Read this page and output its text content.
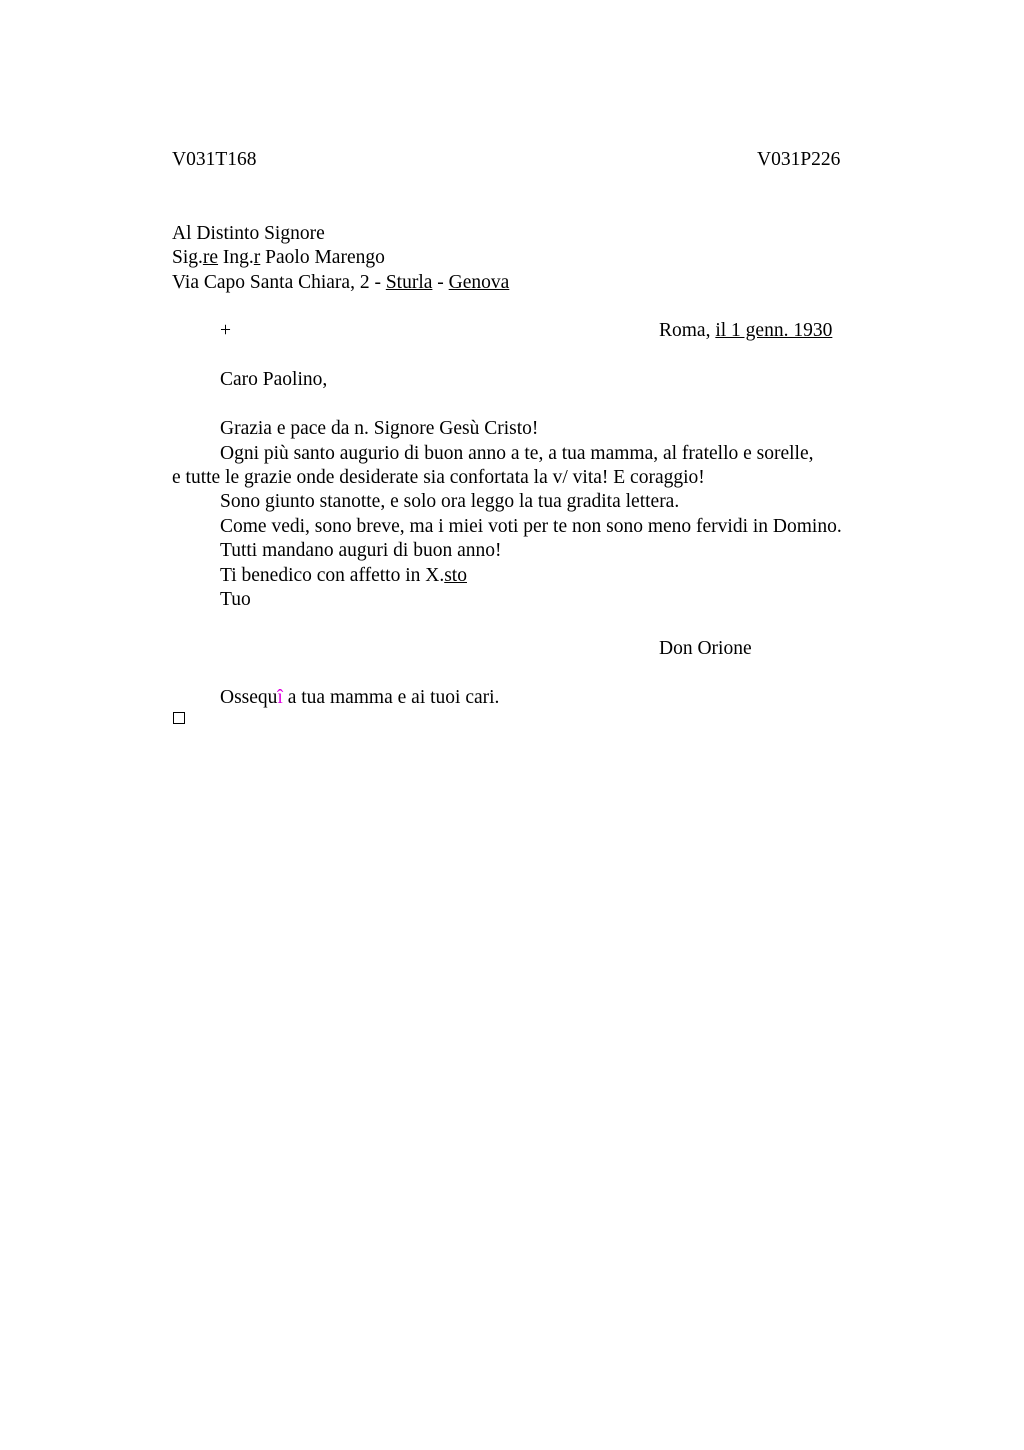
V031T168	V031P226
Al Distinto Signore
Sig.re Ing.r Paolo Marengo
Via Capo Santa Chiara, 2 - Sturla - Genova
+	Roma, il 1 genn. 1930
Caro Paolino,
Grazia e pace da n. Signore Gesù Cristo!
Ogni più santo augurio di buon anno a te, a tua mamma, al fratello e sorelle,
e tutte le grazie onde desiderate sia confortata la v/ vita! E coraggio!
Sono giunto stanotte, e solo ora leggo la tua gradita lettera.
Come vedi, sono breve, ma i miei voti per te non sono meno fervidi in Domino.
Tutti mandano auguri di buon anno!
Ti benedico con affetto in X.sto
Tuo
Don Orione
Ossequî a tua mamma e ai tuoi cari.
